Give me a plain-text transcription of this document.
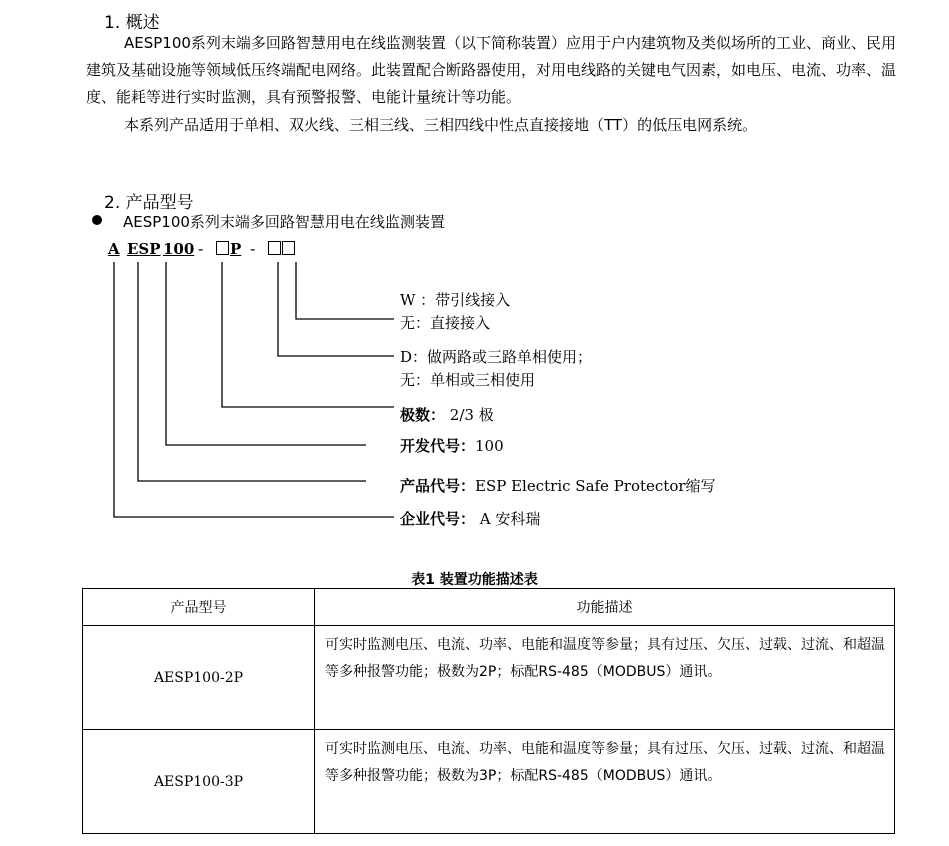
1. 概述
AESP100系列末端多回路智慧用电在线监测装置（以下简称装置）应用于户内建筑物及类似场所的工业、商业、民用建筑及基础设施等领域低压终端配电网络。此装置配合断路器使用，对用电线路的关键电气因素，如电压、电流、功率、温度、能耗等进行实时监测，具有预警报警、电能计量统计等功能。
本系列产品适用于单相、双火线、三相三线、三相四线中性点直接接地（TT）的低压电网系统。
2. 产品型号
AESP100系列末端多回路智慧用电在线监测装置
A ESP 100 -	P -
W ：带引线接入
无：直接接入
D：做两路或三路单相使用；
无：单相或三相使用
极数： 2/3 极
开发代号：100
产品代号：ESP Electric Safe Protector缩写
企业代号： A 安科瑞
表1 装置功能描述表
产品型号	功能描述
AESP100-2P	可实时监测电压、电流、功率、电能和温度等参量；具有过压、欠压、过载、过流、和超温等多种报警功能；极数为2P；标配RS-485（MODBUS）通讯。
AESP100-3P	可实时监测电压、电流、功率、电能和温度等参量；具有过压、欠压、过载、过流、和超温等多种报警功能；极数为3P；标配RS-485（MODBUS）通讯。
